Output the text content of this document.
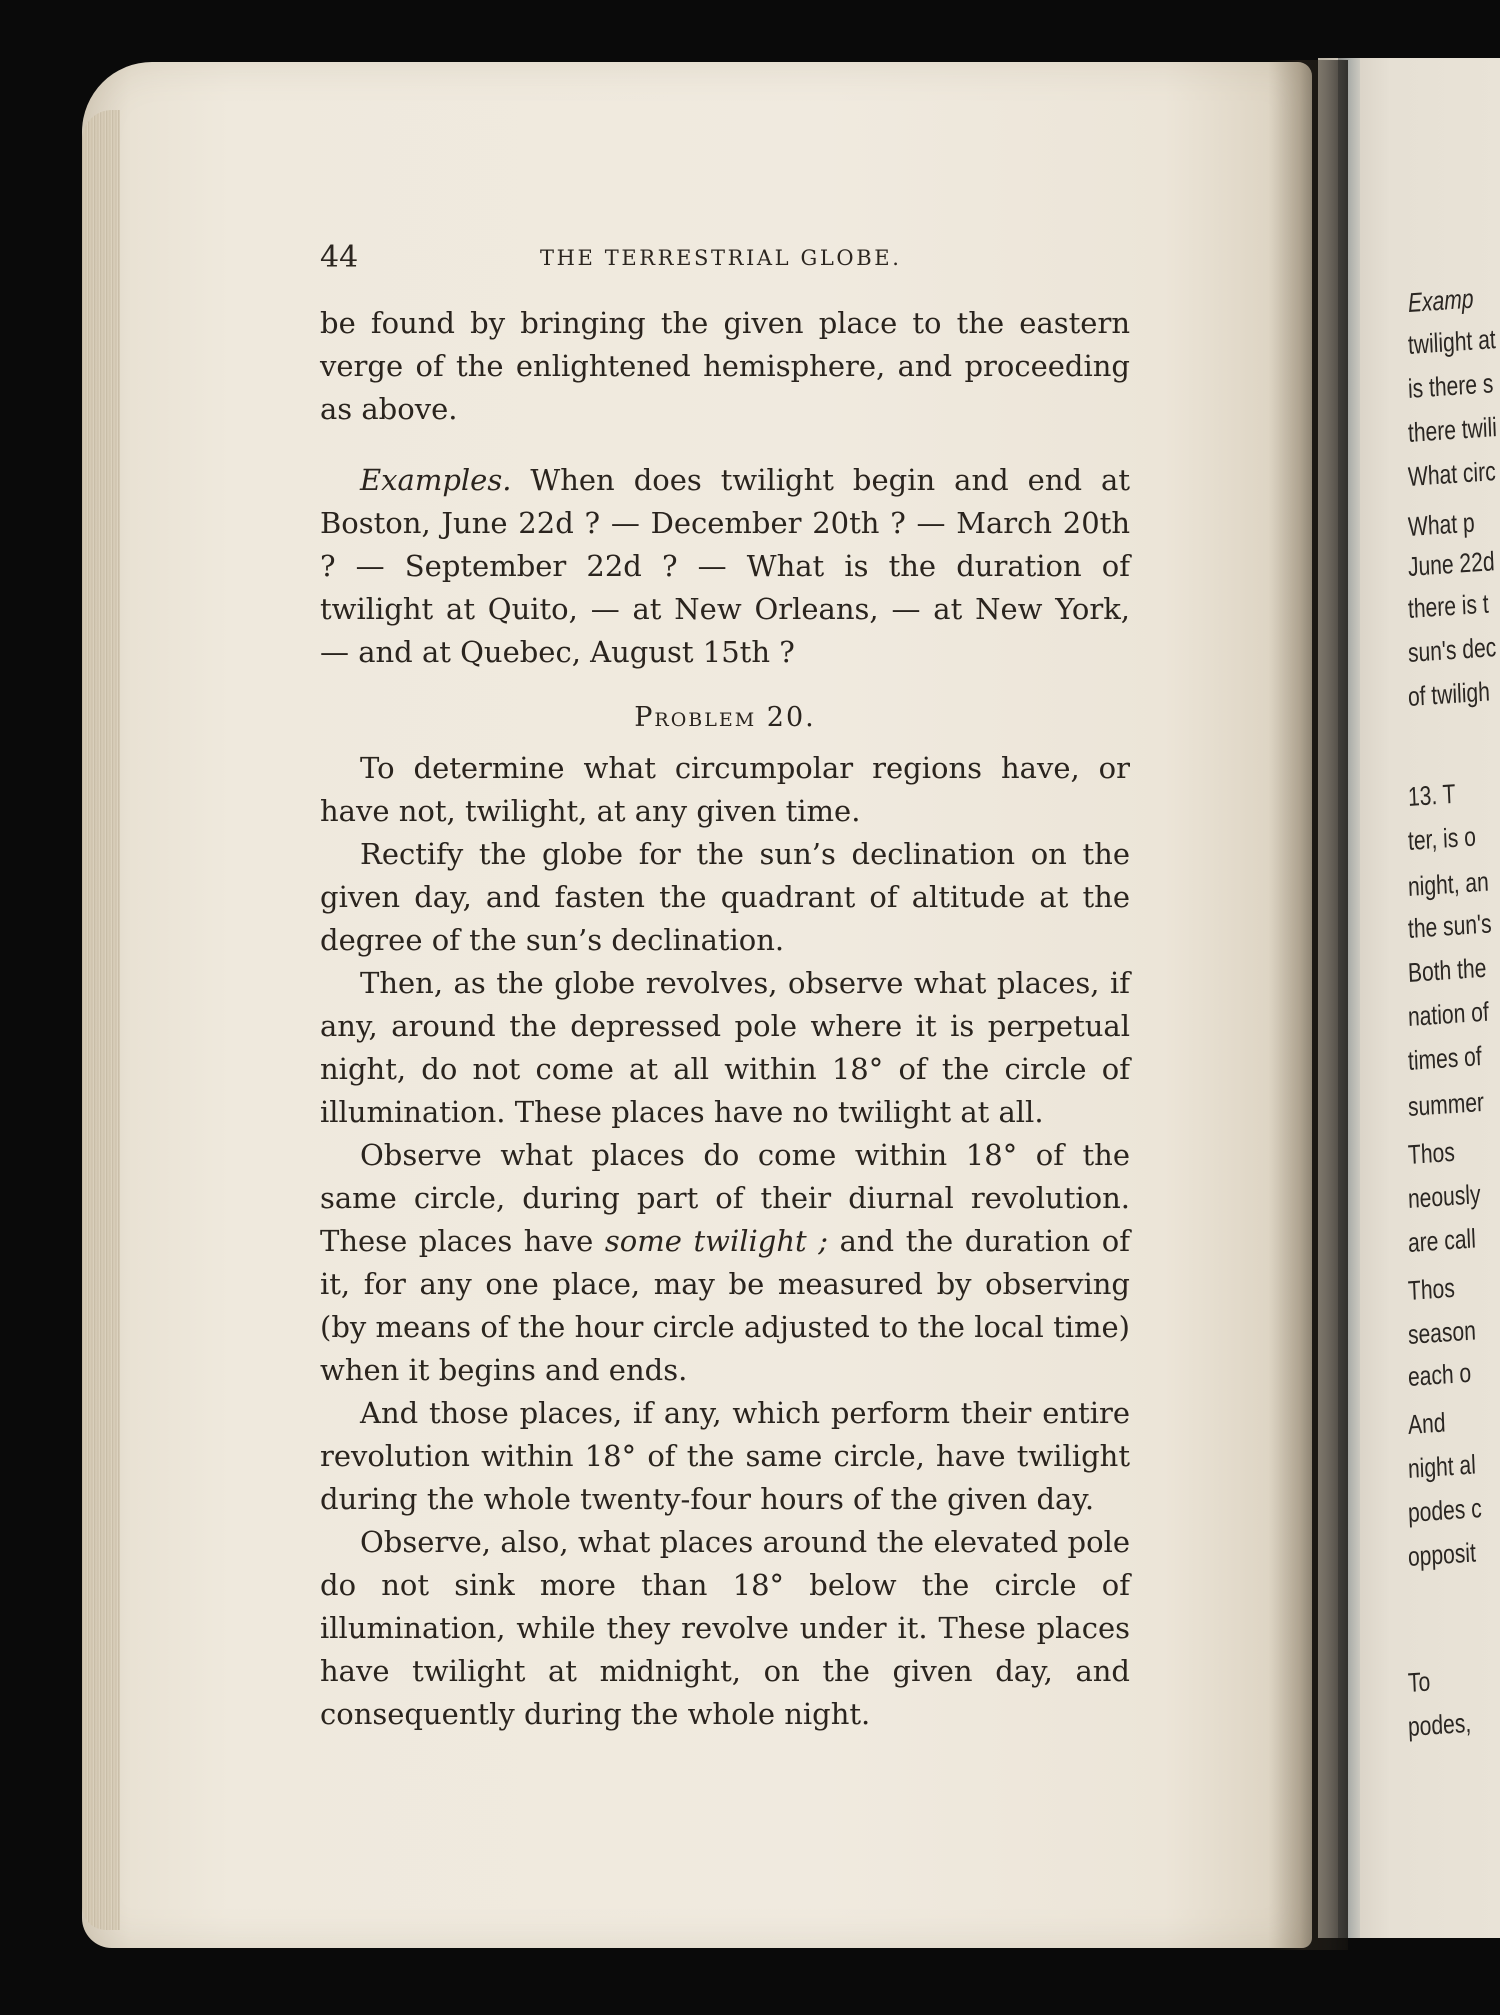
44	THE TERRESTRIAL GLOBE.

be found by bringing the given place to the eastern verge of the enlightened hemisphere, and proceeding as above.

Examples. When does twilight begin and end at Boston, June 22d ? — December 20th ? — March 20th ? — September 22d ? — What is the duration of twilight at Quito, — at New Orleans, — at New York, — and at Quebec, August 15th ?

Problem 20.

To determine what circumpolar regions have, or have not, twilight, at any given time.

Rectify the globe for the sun’s declination on the given day, and fasten the quadrant of altitude at the degree of the sun’s declination.

Then, as the globe revolves, observe what places, if any, around the depressed pole where it is perpetual night, do not come at all within 18° of the circle of illumination. These places have no twilight at all.

Observe what places do come within 18° of the same circle, during part of their diurnal revolution. These places have some twilight ; and the duration of it, for any one place, may be measured by observing (by means of the hour circle adjusted to the local time) when it begins and ends.

And those places, if any, which perform their entire revolution within 18° of the same circle, have twilight during the whole twenty-four hours of the given day.

Observe, also, what places around the elevated pole do not sink more than 18° below the circle of illumination, while they revolve under it. These places have twilight at midnight, on the given day, and consequently during the whole night.

Examp
twilight at
is there s
there twili
What circ
What p
June 22d
there is t
sun's dec
of twiligh
13. T
ter, is o
night, an
the sun's
Both the
nation of
times of
summer
Thos
neously
are call
Thos
season
each o
And
night al
podes c
opposit
To
podes,
